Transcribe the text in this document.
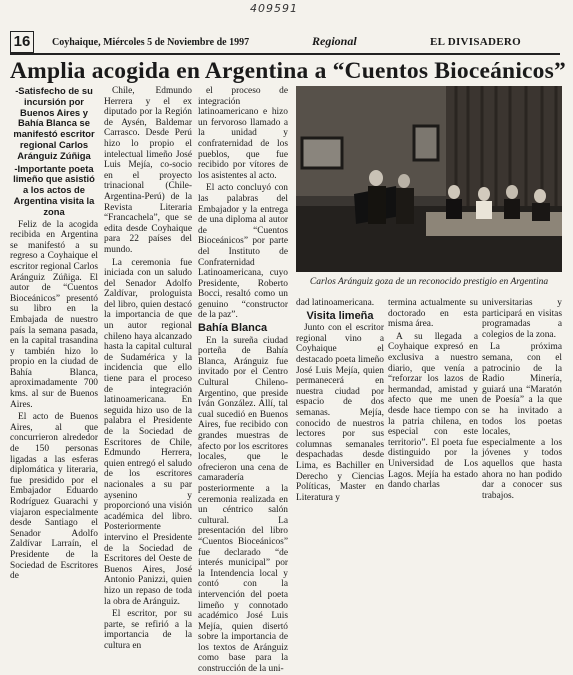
409591
16	Coyhaique, Miércoles 5 de Noviembre de 1997	Regional	EL DIVISADERO
Amplia acogida en Argentina a “Cuentos Bioceánicos”

-Satisfecho de su incursión por Buenos Aires y Bahía Blanca se manifestó escritor regional Carlos Aránguiz Zúñiga

-Importante poeta limeño que asistió a los actos de Argentina visita la zona

Feliz de la acogida recibida en Argentina se manifestó a su regreso a Coyhaique el escritor regional Carlos Aránguiz Zúñiga. El autor de “Cuentos Bioceánicos” presentó su libro en la Embajada de nuestro país la semana pasada, en la capital trasandina y también hizo lo propio en la ciudad de Bahía Blanca, aproximadamente 700 kms. al sur de Buenos Aires.

El acto de Buenos Aires, al que concurrieron alrededor de 150 personas ligadas a las esferas diplomática y literaria, fue presidido por el Embajador Eduardo Rodríguez Guarachi y viajaron especialmente desde Santiago el Senador Adolfo Zaldívar Larraín, el Presidente de la Sociedad de Escritores de

Chile, Edmundo Herrera y el ex diputado por la Región de Aysén, Baldemar Carrasco. Desde Perú hizo lo propio el intelectual limeño José Luis Mejía, co-socio en el proyecto trinacional (Chile-Argentina-Perú) de la Revista Literaria “Francachela”, que se edita desde Coyhaique para 22 países del mundo.

La ceremonia fue iniciada con un saludo del Senador Adolfo Zaldívar, prologuista del libro, quien destacó la importancia de que un autor regional chileno haya alcanzado hasta la capital cultural de Sudamérica y la incidencia que ello tiene para el proceso de integración latinoamericana. En seguida hizo uso de la palabra el Presidente de la Sociedad de Escritores de Chile, Edmundo Herrera, quien entregó el saludo de los escritores nacionales a su par aysenino y proporcionó una visión académica del libro. Posteriormente intervino el Presidente de la Sociedad de Escritores del Oeste de Buenos Aires, José Antonio Panizzi, quien hizo un repaso de toda la obra de Aránguiz.

El escritor, por su parte, se refirió a la importancia de la cultura en

el proceso de integración latinoamericano e hizo un fervoroso llamado a la unidad y confraternidad de los pueblos, que fue recibido por vítores de los asistentes al acto.

El acto concluyó con las palabras del Embajador y la entrega de una diploma al autor de “Cuentos Bioceánicos” por parte del Instituto de Confraternidad Latinoamericana, cuyo Presidente, Roberto Bocci, resaltó como un genuino “constructor de la paz”.

Bahía Blanca

En la sureña ciudad porteña de Bahía Blanca, Aránguiz fue invitado por el Centro Cultural Chileno-Argentino, que preside Iván González. Allí, tal cual sucedió en Buenos Aires, fue recibido con grandes muestras de afecto por los escritores locales, que le ofrecieron una cena de camaradería posteriormente a la ceremonia realizada en un céntrico salón cultural. La presentación del libro “Cuentos Bioceánicos” fue declarado “de interés municipal” por la Intendencia local y contó con la intervención del poeta limeño y connotado académico José Luis Mejía, quien disertó sobre la importancia de los textos de Aránguiz como base para la construcción de la uni-

Carlos Aránguiz goza de un reconocido prestigio en Argentina

dad latinoamericana.

Visita limeña

Junto con el escritor regional vino a Coyhaique el destacado poeta limeño José Luis Mejía, quien permanecerá en nuestra ciudad por espacio de dos semanas. Mejía, conocido de nuestros lectores por sus columnas semanales despachadas desde Lima, es Bachiller en Derecho y Ciencias Políticas, Master en Literatura y

termina actualmente su doctorado en esta misma área.

A su llegada a Coyhaique expresó en exclusiva a nuestro diario, que venía a “reforzar los lazos de hermandad, amistad y afecto que me unen desde hace tiempo con la patria chilena, en especial con este territorio”. El poeta fue distinguido por la Universidad de Los Lagos. Mejía ha estado dando charlas

universitarias y participará en visitas programadas a colegios de la zona.

La próxima semana, con el patrocinio de la Radio Minería, guiará una “Maratón de Poesía” a la que se ha invitado a todos los poetas locales, especialmente a los jóvenes y todos aquellos que hasta ahora no han podido dar a conocer sus trabajos.
